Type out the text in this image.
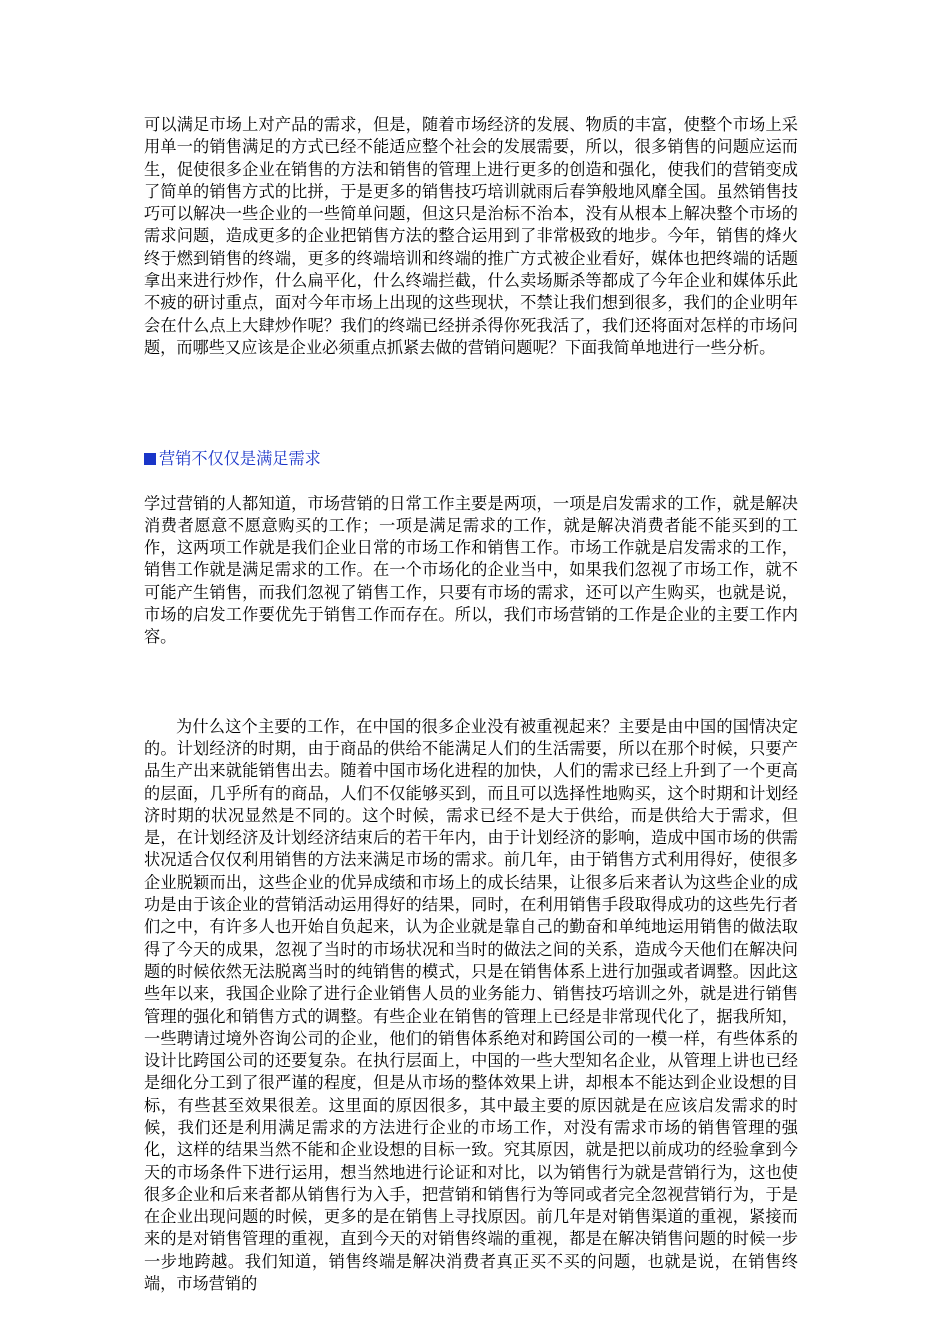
可以满足市场上对产品的需求，但是，随着市场经济的发展、物质的丰富，使整个市场上采用单一的销售满足的方式已经不能适应整个社会的发展需要，所以，很多销售的问题应运而生，促使很多企业在销售的方法和销售的管理上进行更多的创造和强化，使我们的营销变成了简单的销售方式的比拼，于是更多的销售技巧培训就雨后春笋般地风靡全国。虽然销售技巧可以解决一些企业的一些简单问题，但这只是治标不治本，没有从根本上解决整个市场的需求问题，造成更多的企业把销售方法的整合运用到了非常极致的地步。今年，销售的烽火终于燃到销售的终端，更多的终端培训和终端的推广方式被企业看好，媒体也把终端的话题拿出来进行炒作，什么扁平化，什么终端拦截，什么卖场厮杀等都成了今年企业和媒体乐此不疲的研讨重点，面对今年市场上出现的这些现状，不禁让我们想到很多，我们的企业明年会在什么点上大肆炒作呢？我们的终端已经拼杀得你死我活了，我们还将面对怎样的市场问题，而哪些又应该是企业必须重点抓紧去做的营销问题呢？下面我简单地进行一些分析。

营销不仅仅是满足需求

学过营销的人都知道，市场营销的日常工作主要是两项，一项是启发需求的工作，就是解决消费者愿意不愿意购买的工作；一项是满足需求的工作，就是解决消费者能不能买到的工作，这两项工作就是我们企业日常的市场工作和销售工作。市场工作就是启发需求的工作，销售工作就是满足需求的工作。在一个市场化的企业当中，如果我们忽视了市场工作，就不可能产生销售，而我们忽视了销售工作，只要有市场的需求，还可以产生购买，也就是说，市场的启发工作要优先于销售工作而存在。所以，我们市场营销的工作是企业的主要工作内容。

为什么这个主要的工作，在中国的很多企业没有被重视起来？主要是由中国的国情决定的。计划经济的时期，由于商品的供给不能满足人们的生活需要，所以在那个时候，只要产品生产出来就能销售出去。随着中国市场化进程的加快，人们的需求已经上升到了一个更高的层面，几乎所有的商品，人们不仅能够买到，而且可以选择性地购买，这个时期和计划经济时期的状况显然是不同的。这个时候，需求已经不是大于供给，而是供给大于需求，但是，在计划经济及计划经济结束后的若干年内，由于计划经济的影响，造成中国市场的供需状况适合仅仅利用销售的方法来满足市场的需求。前几年，由于销售方式利用得好，使很多企业脱颖而出，这些企业的优异成绩和市场上的成长结果，让很多后来者认为这些企业的成功是由于该企业的营销活动运用得好的结果，同时，在利用销售手段取得成功的这些先行者们之中，有许多人也开始自负起来，认为企业就是靠自己的勤奋和单纯地运用销售的做法取得了今天的成果，忽视了当时的市场状况和当时的做法之间的关系，造成今天他们在解决问题的时候依然无法脱离当时的纯销售的模式，只是在销售体系上进行加强或者调整。因此这些年以来，我国企业除了进行企业销售人员的业务能力、销售技巧培训之外，就是进行销售管理的强化和销售方式的调整。有些企业在销售的管理上已经是非常现代化了，据我所知，一些聘请过境外咨询公司的企业，他们的销售体系绝对和跨国公司的一模一样，有些体系的设计比跨国公司的还要复杂。在执行层面上，中国的一些大型知名企业，从管理上讲也已经是细化分工到了很严谨的程度，但是从市场的整体效果上讲，却根本不能达到企业设想的目标，有些甚至效果很差。这里面的原因很多，其中最主要的原因就是在应该启发需求的时候，我们还是利用满足需求的方法进行企业的市场工作，对没有需求市场的销售管理的强化，这样的结果当然不能和企业设想的目标一致。究其原因，就是把以前成功的经验拿到今天的市场条件下进行运用，想当然地进行论证和对比，以为销售行为就是营销行为，这也使很多企业和后来者都从销售行为入手，把营销和销售行为等同或者完全忽视营销行为，于是在企业出现问题的时候，更多的是在销售上寻找原因。前几年是对销售渠道的重视，紧接而来的是对销售管理的重视，直到今天的对销售终端的重视，都是在解决销售问题的时候一步一步地跨越。我们知道，销售终端是解决消费者真正买不买的问题，也就是说，在销售终端，市场营销的
